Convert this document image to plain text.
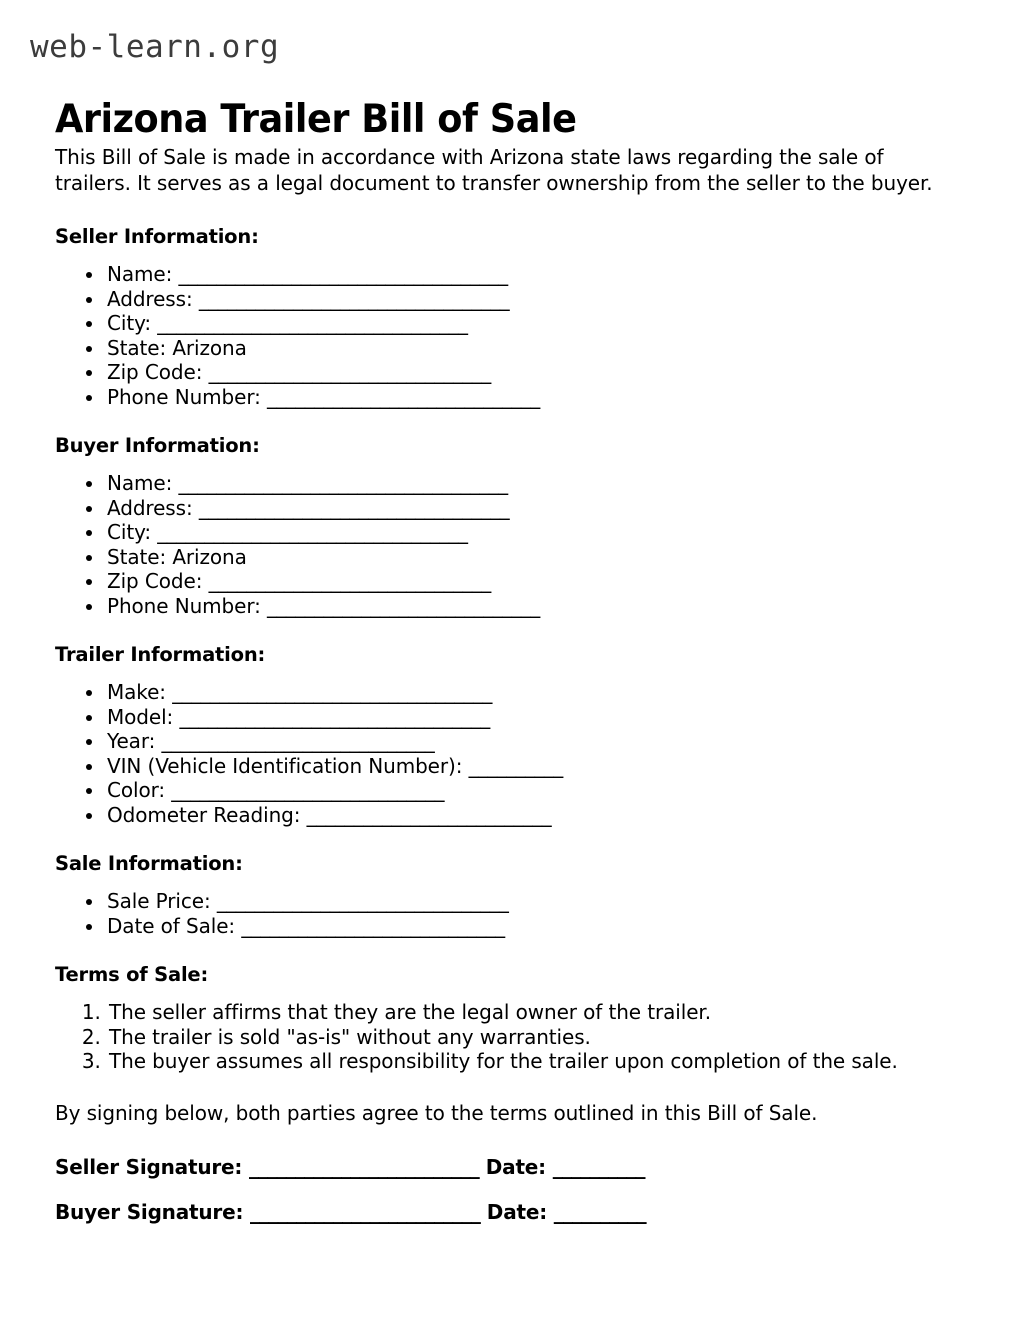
web-learn.org
Arizona Trailer Bill of Sale

This Bill of Sale is made in accordance with Arizona state laws regarding the sale of trailers. It serves as a legal document to transfer ownership from the seller to the buyer.

Seller Information:
• Name: ___________________________________
• Address: _________________________________
• City: _________________________________
• State: Arizona
• Zip Code: ______________________________
• Phone Number: _____________________________
Buyer Information:
• Name: ___________________________________
• Address: _________________________________
• City: _________________________________
• State: Arizona
• Zip Code: ______________________________
• Phone Number: _____________________________
Trailer Information:
• Make: __________________________________
• Model: _________________________________
• Year: _____________________________
• VIN (Vehicle Identification Number): __________
• Color: _____________________________
• Odometer Reading: __________________________
Sale Information:
• Sale Price: _______________________________
• Date of Sale: ____________________________
Terms of Sale:
1. The seller affirms that they are the legal owner of the trailer.
2. The trailer is sold "as-is" without any warranties.
3. The buyer assumes all responsibility for the trailer upon completion of the sale.

By signing below, both parties agree to the terms outlined in this Bill of Sale.

Seller Signature: _________________________ Date: __________
Buyer Signature: _________________________ Date: __________
